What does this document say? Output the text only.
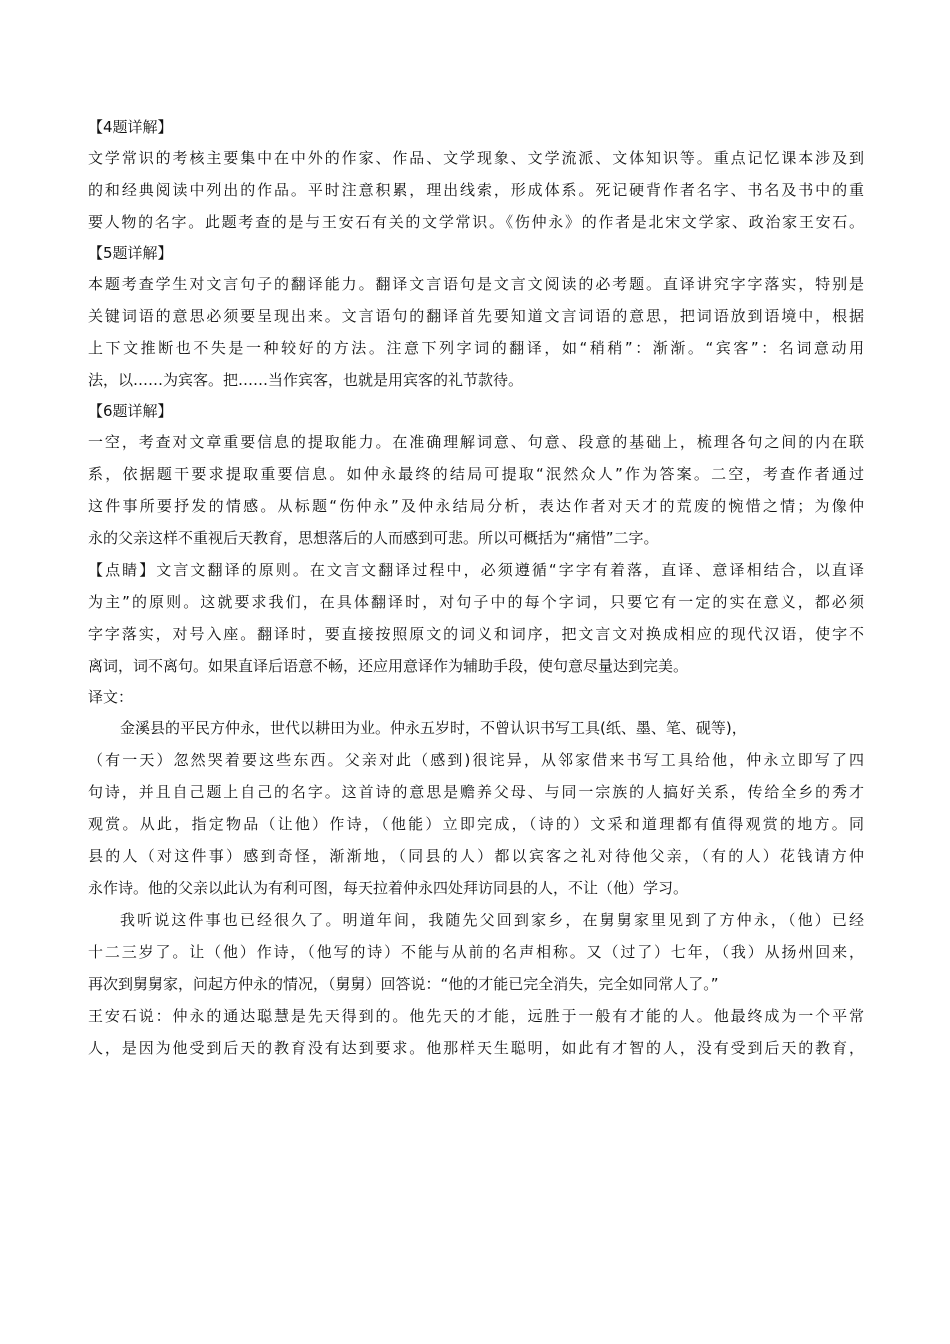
【4题详解】
文学常识的考核主要集中在中外的作家、作品、文学现象、文学流派、文体知识等。重点记忆课本涉及到
的和经典阅读中列出的作品。平时注意积累，理出线索，形成体系。死记硬背作者名字、书名及书中的重
要人物的名字。此题考查的是与王安石有关的文学常识。《伤仲永》的作者是北宋文学家、政治家王安石。
【5题详解】
本题考查学生对文言句子的翻译能力。翻译文言语句是文言文阅读的必考题。直译讲究字字落实，特别是
关键词语的意思必须要呈现出来。文言语句的翻译首先要知道文言词语的意思，把词语放到语境中，根据
上下文推断也不失是一种较好的方法。注意下列字词的翻译，如“稍稍”：渐渐。“宾客”：名词意动用
法，以……为宾客。把……当作宾客，也就是用宾客的礼节款待。
【6题详解】
一空，考查对文章重要信息的提取能力。在准确理解词意、句意、段意的基础上，梳理各句之间的内在联
系，依据题干要求提取重要信息。如仲永最终的结局可提取“泯然众人”作为答案。二空，考查作者通过
这件事所要抒发的情感。从标题“伤仲永”及仲永结局分析，表达作者对天才的荒废的惋惜之情；为像仲
永的父亲这样不重视后天教育，思想落后的人而感到可悲。所以可概括为“痛惜”二字。
【点睛】文言文翻译的原则。在文言文翻译过程中，必须遵循“字字有着落，直译、意译相结合，以直译
为主”的原则。这就要求我们，在具体翻译时，对句子中的每个字词，只要它有一定的实在意义，都必须
字字落实，对号入座。翻译时，要直接按照原文的词义和词序，把文言文对换成相应的现代汉语，使字不
离词，词不离句。如果直译后语意不畅，还应用意译作为辅助手段，使句意尽量达到完美。
译文：
金溪县的平民方仲永，世代以耕田为业。仲永五岁时，不曾认识书写工具(纸、墨、笔、砚等)，
（有一天）忽然哭着要这些东西。父亲对此（感到)很诧异，从邻家借来书写工具给他，仲永立即写了四
句诗，并且自己题上自己的名字。这首诗的意思是赡养父母、与同一宗族的人搞好关系，传给全乡的秀才
观赏。从此，指定物品（让他）作诗，（他能）立即完成，（诗的）文采和道理都有值得观赏的地方。同
县的人（对这件事）感到奇怪，渐渐地，（同县的人）都以宾客之礼对待他父亲，（有的人）花钱请方仲
永作诗。他的父亲以此认为有利可图，每天拉着仲永四处拜访同县的人，不让（他）学习。
我听说这件事也已经很久了。明道年间，我随先父回到家乡，在舅舅家里见到了方仲永，（他）已经
十二三岁了。让（他）作诗，（他写的诗）不能与从前的名声相称。又（过了）七年，（我）从扬州回来，
再次到舅舅家，问起方仲永的情况，（舅舅）回答说：“他的才能已完全消失，完全如同常人了。”
王安石说：仲永的通达聪慧是先天得到的。他先天的才能，远胜于一般有才能的人。他最终成为一个平常
人，是因为他受到后天的教育没有达到要求。他那样天生聪明，如此有才智的人，没有受到后天的教育，
